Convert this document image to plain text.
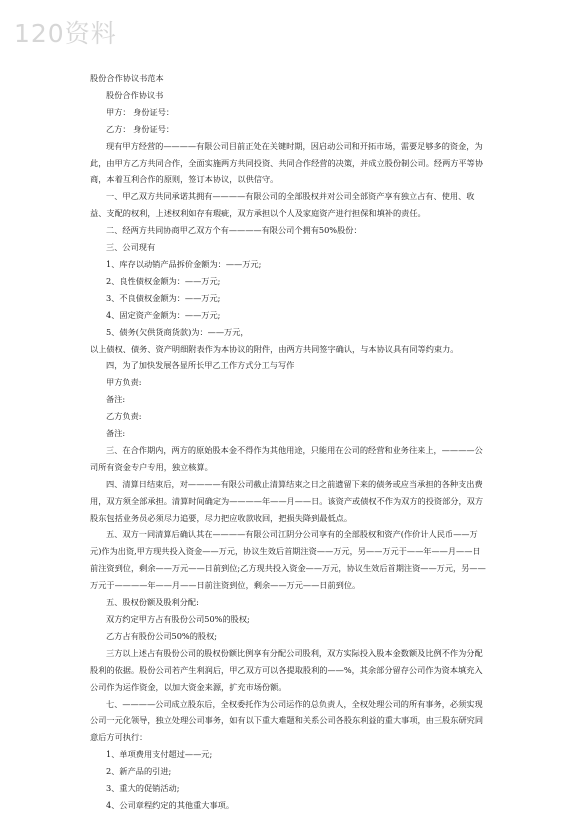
120资料

股份合作协议书范本

股份合作协议书

甲方： 身份证号：

乙方： 身份证号：

现有甲方经营的————有限公司目前正处在关键时期，因启动公司和开拓市场，需要足够多的资金，为此，由甲方乙方共同合作，全面实施两方共同投资、共同合作经营的决策，并成立股份制公司。经两方平等协商，本着互利合作的原则，签订本协议，以供信守。

一、甲乙双方共同承诺其拥有————有限公司的全部股权并对公司全部资产享有独立占有、使用、收益、支配的权利，上述权利如存有瑕疵，双方承担以个人及家庭资产进行担保和填补的责任。

二、经两方共同协商甲乙双方个有————有限公司个拥有50%股份：

三、公司现有

1、库存以动销产品拆价金额为：——万元;

2、良性债权金额为：——万元;

3、不良债权金额为：——万元;

4、固定资产金额为：——万元;

5、债务(欠供货商货款)为：——万元，

以上债权、债务、资产明细附表作为本协议的附件，由两方共同签字确认，与本协议具有同等约束力。

四，为了加快发展各显所长甲乙工作方式分工与写作

甲方负责:

备注:

乙方负责:

备注:

三、在合作期内，两方的原始股本金不得作为其他用途，只能用在公司的经营和业务往来上，————公司所有资金专户专用，独立核算。

四、清算日结束后，对————有限公司截止清算结束之日之前遗留下来的债务或应当承担的各种支出费用，双方须全部承担。清算时间确定为————年——月——日。该资产或债权不作为双方的投资部分，双方股东包括业务员必须尽力追要，尽力把应收款收回，把损失降到最低点。

五、双方一同清算后确认其在————有限公司江阴分公司享有的全部股权和资产(作价计人民币——万元)作为出资,甲方现共投入资金——万元，协议生效后首期注资——万元，另——万元于——年——月——日前注资到位，剩余——万元——日前到位;乙方现共投入资金——万元，协议生效后首期注资——万元，另——万元于————年——月——日前注资到位，剩余——万元——日前到位。

五、股权份额及股利分配:

双方约定甲方占有股份公司50%的股权;

乙方占有股份公司50%的股权;

三方以上述占有股份公司的股权份额比例享有分配公司股利，双方实际投入股本金数额及比例不作为分配股利的依据。股份公司若产生利润后，甲乙双方可以各提取股利的——%，其余部分留存公司作为资本填充入公司作为运作资金，以加大资金来源，扩充市场份额。

七、————公司成立股东后，全权委托作为公司运作的总负责人，全权处理公司的所有事务，必须实现公司一元化领导，独立处理公司事务，如有以下重大难题和关系公司各股东利益的重大事项，由三股东研究同意后方可执行：

1、单项费用支付超过——元;

2、新产品的引进;

3、重大的促销活动;

4、公司章程约定的其他重大事项。
